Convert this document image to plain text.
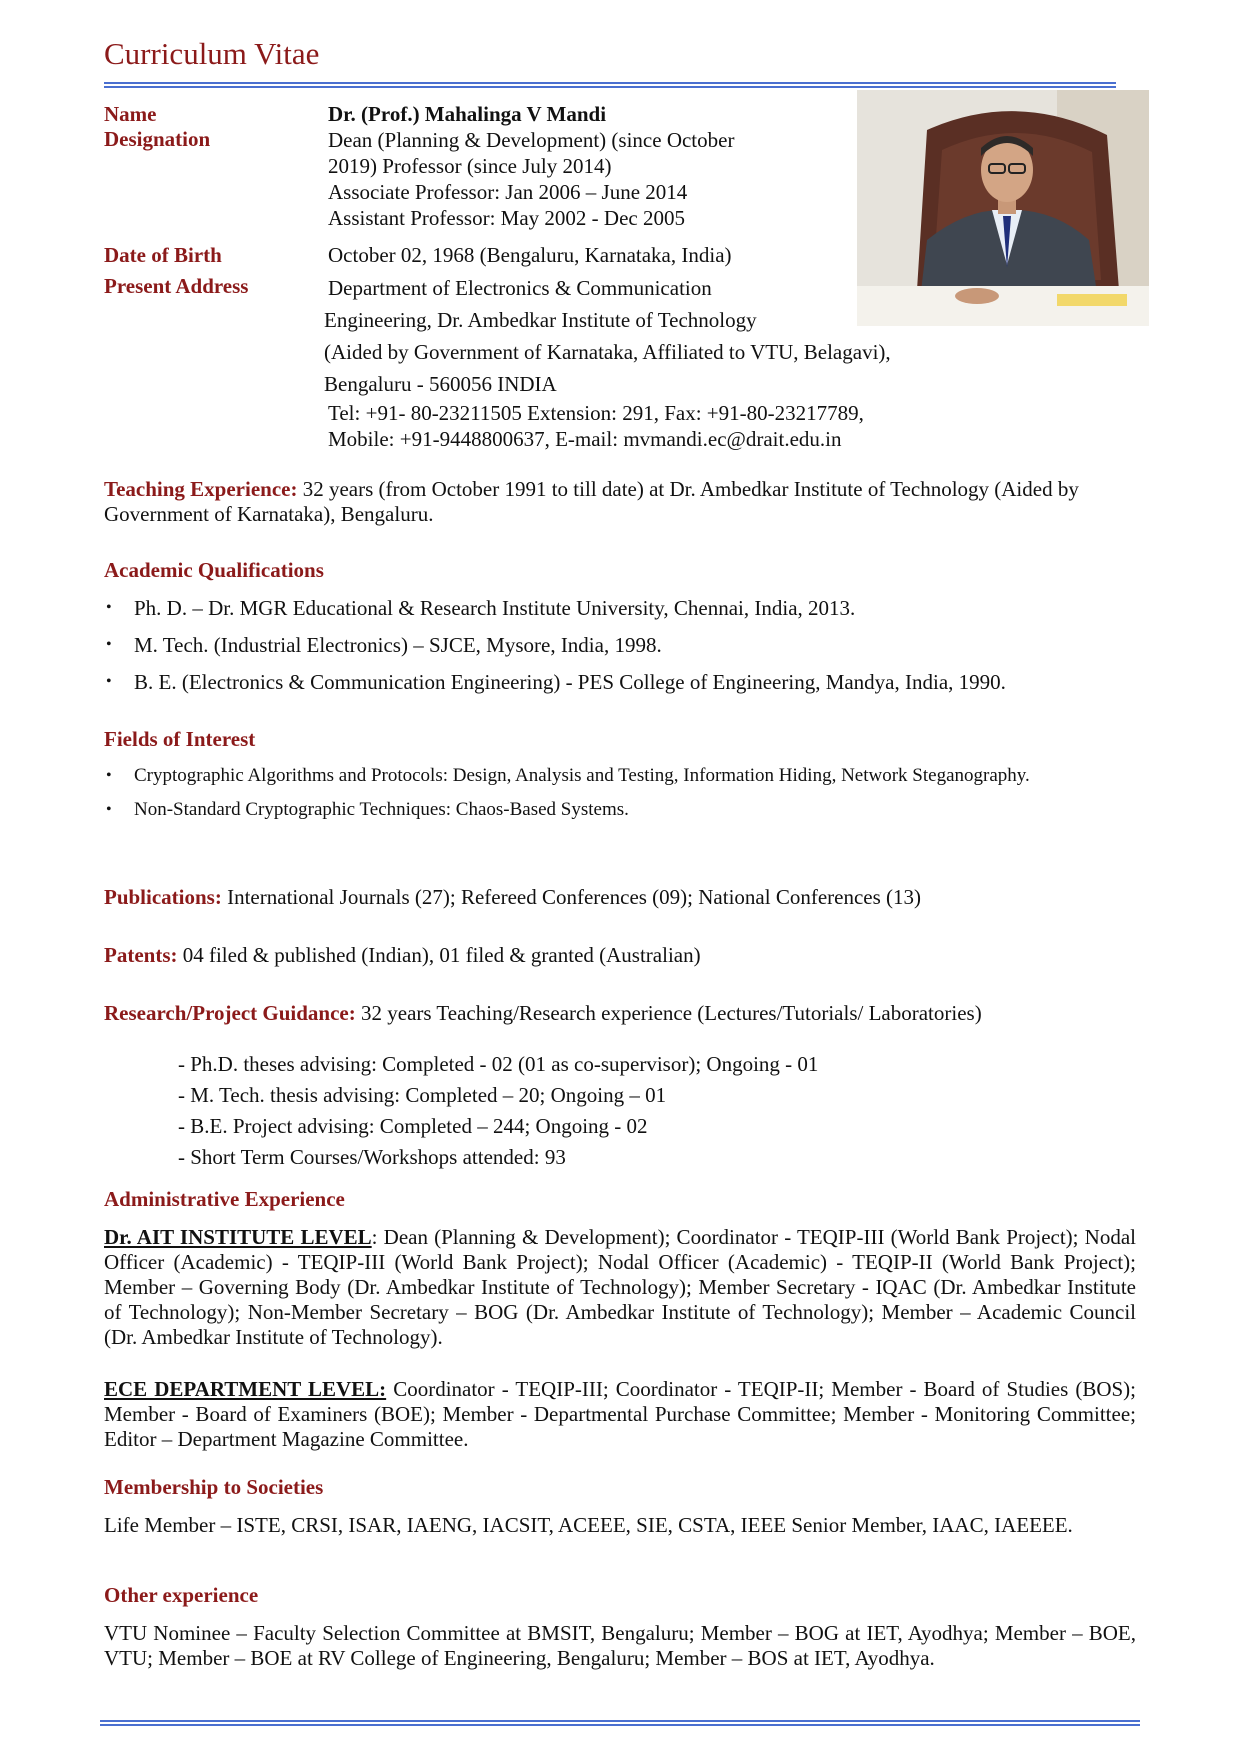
Curriculum Vitae
Name	Dr. (Prof.) Mahalinga V Mandi
Designation	Dean (Planning & Development) (since October
2019) Professor (since July 2014)
Associate Professor: Jan 2006 – June 2014
Assistant Professor: May 2002 - Dec 2005
Date of Birth	October 02, 1968 (Bengaluru, Karnataka, India)
Present Address	Department of Electronics & Communication
Engineering, Dr. Ambedkar Institute of Technology
(Aided by Government of Karnataka, Affiliated to VTU, Belagavi),
Bengaluru - 560056 INDIA
Tel: +91- 80-23211505 Extension: 291, Fax: +91-80-23217789,
Mobile: +91-9448800637, E-mail: mvmandi.ec@drait.edu.in
Teaching Experience: 32 years (from October 1991 to till date) at Dr. Ambedkar Institute of Technology (Aided by Government of Karnataka), Bengaluru.
Academic Qualifications
• Ph. D. – Dr. MGR Educational & Research Institute University, Chennai, India, 2013.
• M. Tech. (Industrial Electronics) – SJCE, Mysore, India, 1998.
• B. E. (Electronics & Communication Engineering) - PES College of Engineering, Mandya, India, 1990.
Fields of Interest
• Cryptographic Algorithms and Protocols: Design, Analysis and Testing, Information Hiding, Network Steganography.
• Non-Standard Cryptographic Techniques: Chaos-Based Systems.
Publications: International Journals (27); Refereed Conferences (09); National Conferences (13)
Patents: 04 filed & published (Indian), 01 filed & granted (Australian)
Research/Project Guidance: 32 years Teaching/Research experience (Lectures/Tutorials/ Laboratories)
- Ph.D. theses advising: Completed - 02 (01 as co-supervisor); Ongoing - 01
- M. Tech. thesis advising: Completed – 20; Ongoing – 01
- B.E. Project advising: Completed – 244; Ongoing - 02
- Short Term Courses/Workshops attended: 93
Administrative Experience
Dr. AIT INSTITUTE LEVEL: Dean (Planning & Development); Coordinator - TEQIP-III (World Bank Project); Nodal Officer (Academic) - TEQIP-III (World Bank Project); Nodal Officer (Academic) - TEQIP-II (World Bank Project); Member – Governing Body (Dr. Ambedkar Institute of Technology); Member Secretary - IQAC (Dr. Ambedkar Institute of Technology); Non-Member Secretary – BOG (Dr. Ambedkar Institute of Technology); Member – Academic Council (Dr. Ambedkar Institute of Technology).
ECE DEPARTMENT LEVEL: Coordinator - TEQIP-III; Coordinator - TEQIP-II; Member - Board of Studies (BOS); Member - Board of Examiners (BOE); Member - Departmental Purchase Committee; Member - Monitoring Committee; Editor – Department Magazine Committee.
Membership to Societies
Life Member – ISTE, CRSI, ISAR, IAENG, IACSIT, ACEEE, SIE, CSTA, IEEE Senior Member, IAAC, IAEEEE.
Other experience
VTU Nominee – Faculty Selection Committee at BMSIT, Bengaluru; Member – BOG at IET, Ayodhya; Member – BOE, VTU; Member – BOE at RV College of Engineering, Bengaluru; Member – BOS at IET, Ayodhya.
